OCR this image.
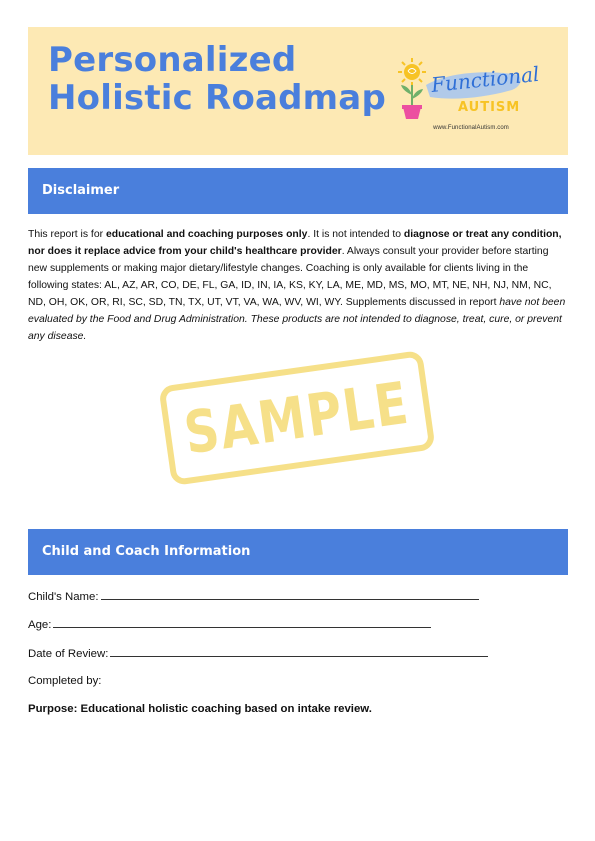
Personalized
Holistic Roadmap Functional
AUTISM
www.FunctionalAutism.com
Disclaimer

This report is for educational and coaching purposes only. It is not intended to diagnose or treat any condition, nor does it replace advice from your child's healthcare provider. Always consult your provider before starting new supplements or making major dietary/lifestyle changes. Coaching is only available for clients living in the following states: AL, AZ, AR, CO, DE, FL, GA, ID, IN, IA, KS, KY, LA, ME, MD, MS, MO, MT, NE, NH, NJ, NM, NC, ND, OH, OK, OR, RI, SC, SD, TN, TX, UT, VT, VA, WA, WV, WI, WY. Supplements discussed in report have not been evaluated by the Food and Drug Administration. These products are not intended to diagnose, treat, cure, or prevent any disease.

SAMPLE
Child and Coach Information
Child's Name:
Age:
Date of Review:
Completed by:
Purpose: Educational holistic coaching based on intake review.
